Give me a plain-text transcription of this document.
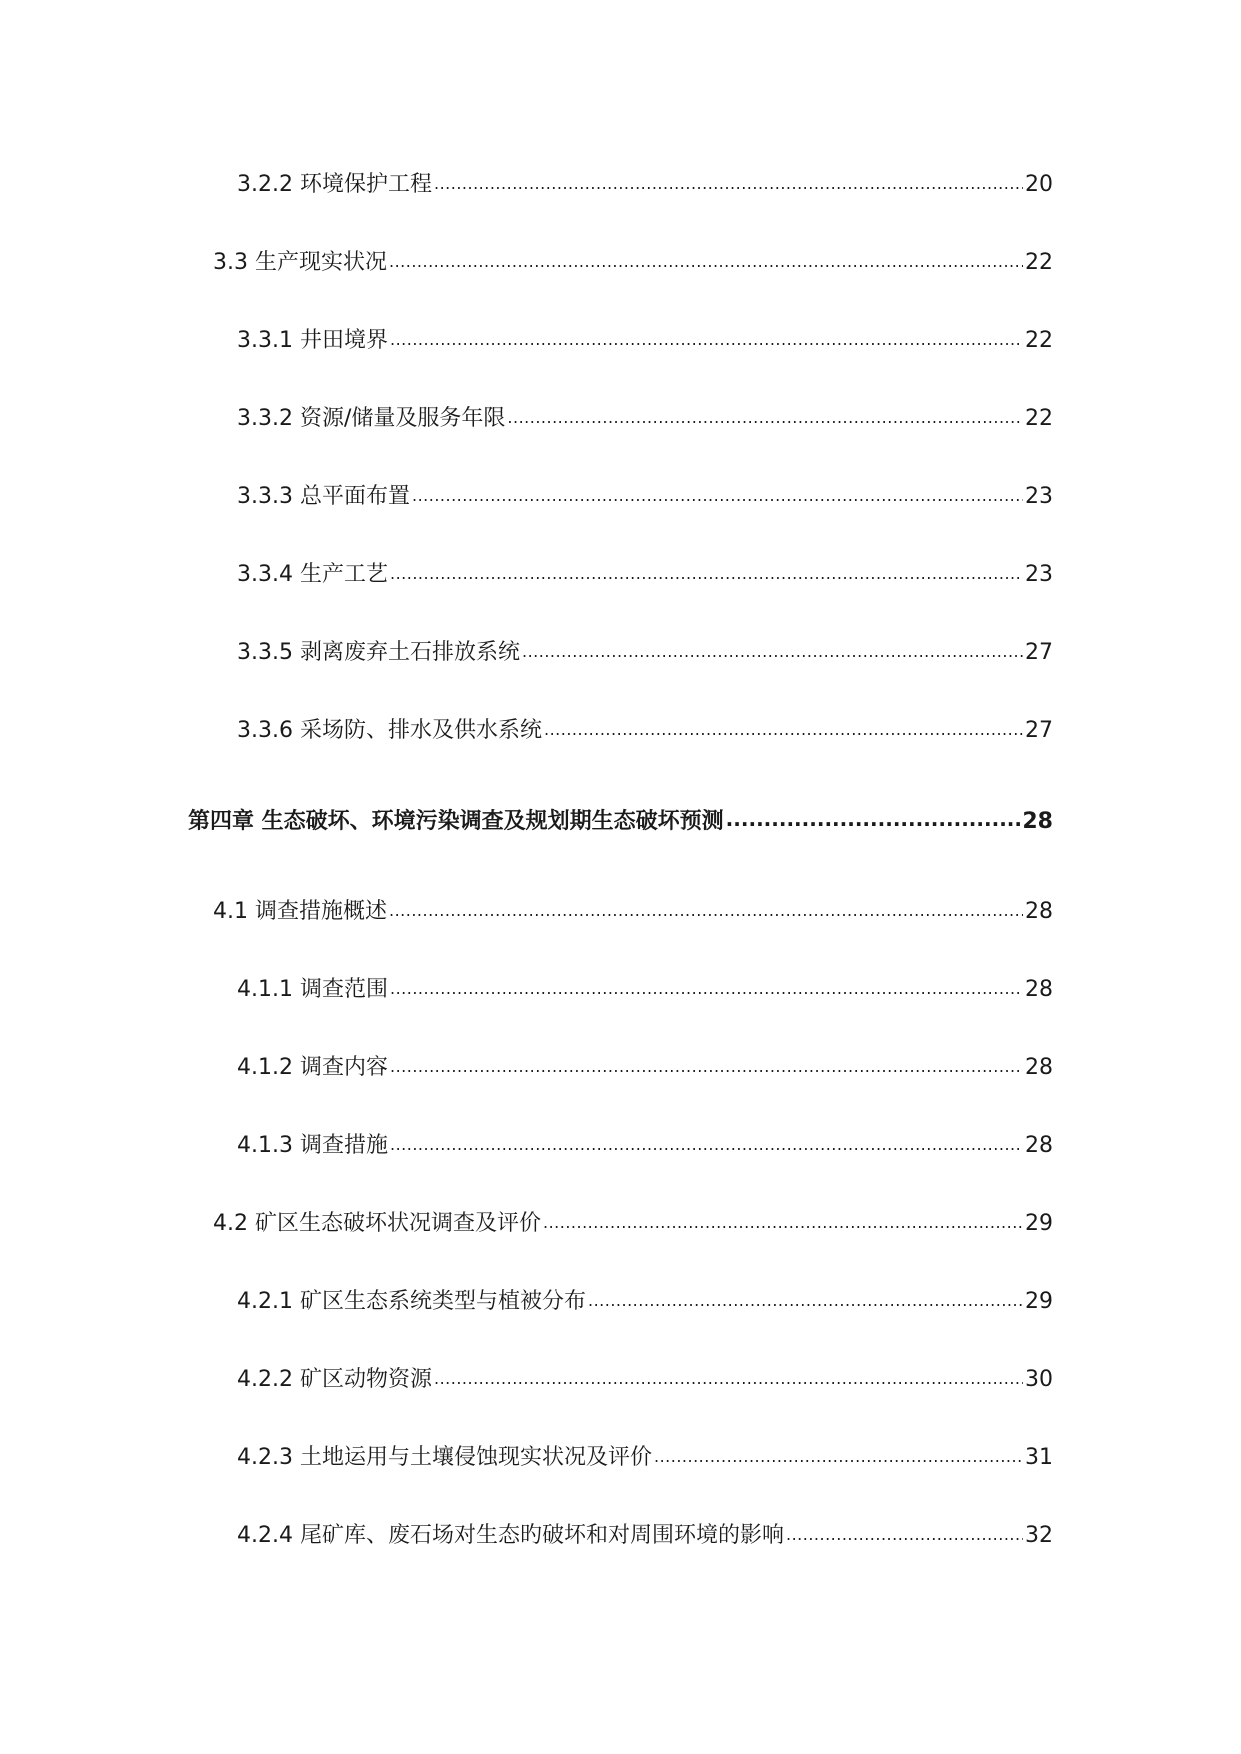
3.2.2 环境保护工程 .....	20
3.3 生产现实状况 .....	22
3.3.1 井田境界 .....	22
3.3.2 资源/储量及服务年限 .....	22
3.3.3 总平面布置 .....	23
3.3.4 生产工艺 .....	23
3.3.5 剥离废弃土石排放系统 .....	27
3.3.6 采场防、排水及供水系统 .....	27
第四章 生态破坏、环境污染调查及规划期生态破坏预测 .....	28
4.1 调查措施概述 .....	28
4.1.1 调查范围 .....	28
4.1.2 调查内容 .....	28
4.1.3 调查措施 .....	28
4.2 矿区生态破坏状况调查及评价 .....	29
4.2.1 矿区生态系统类型与植被分布 .....	29
4.2.2 矿区动物资源 .....	30
4.2.3 土地运用与土壤侵蚀现实状况及评价 .....	31
4.2.4 尾矿库、废石场对生态旳破坏和对周围环境的影响 .....	32
